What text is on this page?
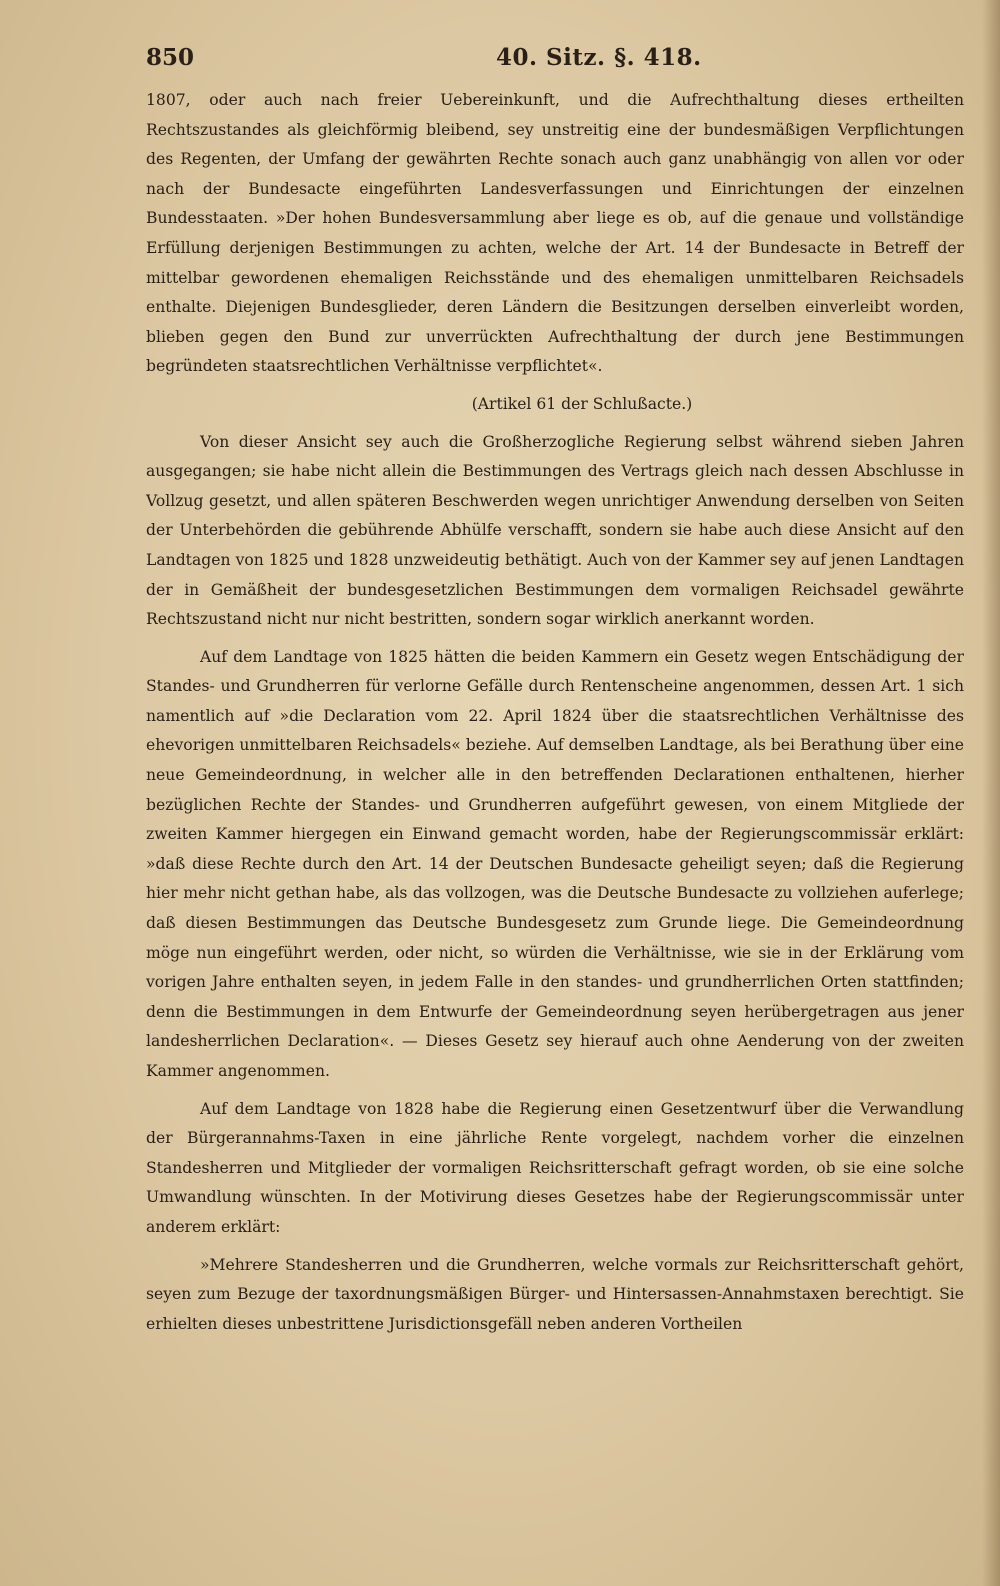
850	40. Sitz. §. 418.

1807, oder auch nach freier Uebereinkunft, und die Aufrechthaltung dieses ertheilten Rechtszustandes als gleichförmig bleibend, sey unstreitig eine der bundesmäßigen Verpflichtungen des Regenten, der Umfang der gewährten Rechte sonach auch ganz unabhängig von allen vor oder nach der Bundesacte eingeführten Landesverfassungen und Einrichtungen der einzelnen Bundesstaaten. »Der hohen Bundesversammlung aber liege es ob, auf die genaue und vollständige Erfüllung derjenigen Bestimmungen zu achten, welche der Art. 14 der Bundesacte in Betreff der mittelbar gewordenen ehemaligen Reichsstände und des ehemaligen unmittelbaren Reichsadels enthalte. Diejenigen Bundesglieder, deren Ländern die Besitzungen derselben einverleibt worden, blieben gegen den Bund zur unverrückten Aufrechthaltung der durch jene Bestimmungen begründeten staatsrechtlichen Verhältnisse verpflichtet«.

(Artikel 61 der Schlußacte.)

Von dieser Ansicht sey auch die Großherzogliche Regierung selbst während sieben Jahren ausgegangen; sie habe nicht allein die Bestimmungen des Vertrags gleich nach dessen Abschlusse in Vollzug gesetzt, und allen späteren Beschwerden wegen unrichtiger Anwendung derselben von Seiten der Unterbehörden die gebührende Abhülfe verschafft, sondern sie habe auch diese Ansicht auf den Landtagen von 1825 und 1828 unzweideutig bethätigt. Auch von der Kammer sey auf jenen Landtagen der in Gemäßheit der bundesgesetzlichen Bestimmungen dem vormaligen Reichsadel gewährte Rechtszustand nicht nur nicht bestritten, sondern sogar wirklich anerkannt worden.

Auf dem Landtage von 1825 hätten die beiden Kammern ein Gesetz wegen Entschädigung der Standes- und Grundherren für verlorne Gefälle durch Rentenscheine angenommen, dessen Art. 1 sich namentlich auf »die Declaration vom 22. April 1824 über die staatsrechtlichen Verhältnisse des ehevorigen unmittelbaren Reichsadels« beziehe. Auf demselben Landtage, als bei Berathung über eine neue Gemeindeordnung, in welcher alle in den betreffenden Declarationen enthaltenen, hierher bezüglichen Rechte der Standes- und Grundherren aufgeführt gewesen, von einem Mitgliede der zweiten Kammer hiergegen ein Einwand gemacht worden, habe der Regierungscommissär erklärt: »daß diese Rechte durch den Art. 14 der Deutschen Bundesacte geheiligt seyen; daß die Regierung hier mehr nicht gethan habe, als das vollzogen, was die Deutsche Bundesacte zu vollziehen auferlege; daß diesen Bestimmungen das Deutsche Bundesgesetz zum Grunde liege. Die Gemeindeordnung möge nun eingeführt werden, oder nicht, so würden die Verhältnisse, wie sie in der Erklärung vom vorigen Jahre enthalten seyen, in jedem Falle in den standes- und grundherrlichen Orten stattfinden; denn die Bestimmungen in dem Entwurfe der Gemeindeordnung seyen herübergetragen aus jener landesherrlichen Declaration«. — Dieses Gesetz sey hierauf auch ohne Aenderung von der zweiten Kammer angenommen.

Auf dem Landtage von 1828 habe die Regierung einen Gesetzentwurf über die Verwandlung der Bürgerannahms-Taxen in eine jährliche Rente vorgelegt, nachdem vorher die einzelnen Standesherren und Mitglieder der vormaligen Reichsritterschaft gefragt worden, ob sie eine solche Umwandlung wünschten. In der Motivirung dieses Gesetzes habe der Regierungscommissär unter anderem erklärt:

»Mehrere Standesherren und die Grundherren, welche vormals zur Reichsritterschaft gehört, seyen zum Bezuge der taxordnungsmäßigen Bürger- und Hintersassen-Annahmstaxen berechtigt. Sie erhielten dieses unbestrittene Jurisdictionsgefäll neben anderen Vortheilen
